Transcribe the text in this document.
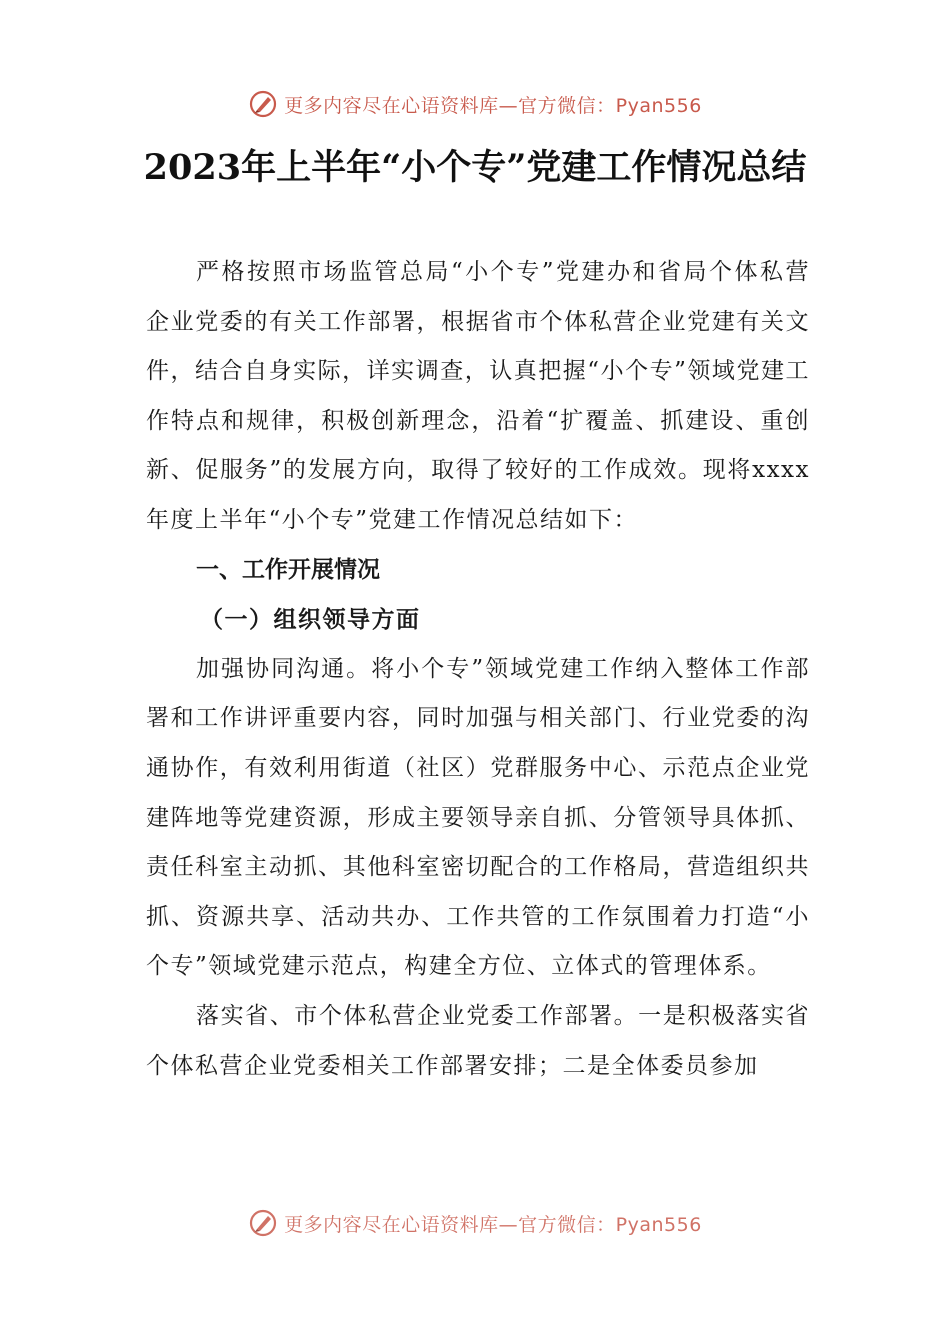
更多内容尽在心语资料库—官方微信：Pyan556
2023年上半年“小个专”党建工作情况总结

严格按照市场监管总局“小个专”党建办和省局个体私营企业党委的有关工作部署，根据省市个体私营企业党建有关文件，结合自身实际，详实调查，认真把握“小个专”领域党建工作特点和规律，积极创新理念，沿着“扩覆盖、抓建设、重创新、促服务”的发展方向，取得了较好的工作成效。现将xxxx年度上半年“小个专”党建工作情况总结如下：

一、工作开展情况

（一）组织领导方面

加强协同沟通。将小个专”领域党建工作纳入整体工作部署和工作讲评重要内容，同时加强与相关部门、行业党委的沟通协作，有效利用街道（社区）党群服务中心、示范点企业党建阵地等党建资源，形成主要领导亲自抓、分管领导具体抓、责任科室主动抓、其他科室密切配合的工作格局，营造组织共抓、资源共享、活动共办、工作共管的工作氛围着力打造“小个专”领域党建示范点，构建全方位、立体式的管理体系。

落实省、市个体私营企业党委工作部署。一是积极落实省个体私营企业党委相关工作部署安排；二是全体委员参加

更多内容尽在心语资料库—官方微信：Pyan556
